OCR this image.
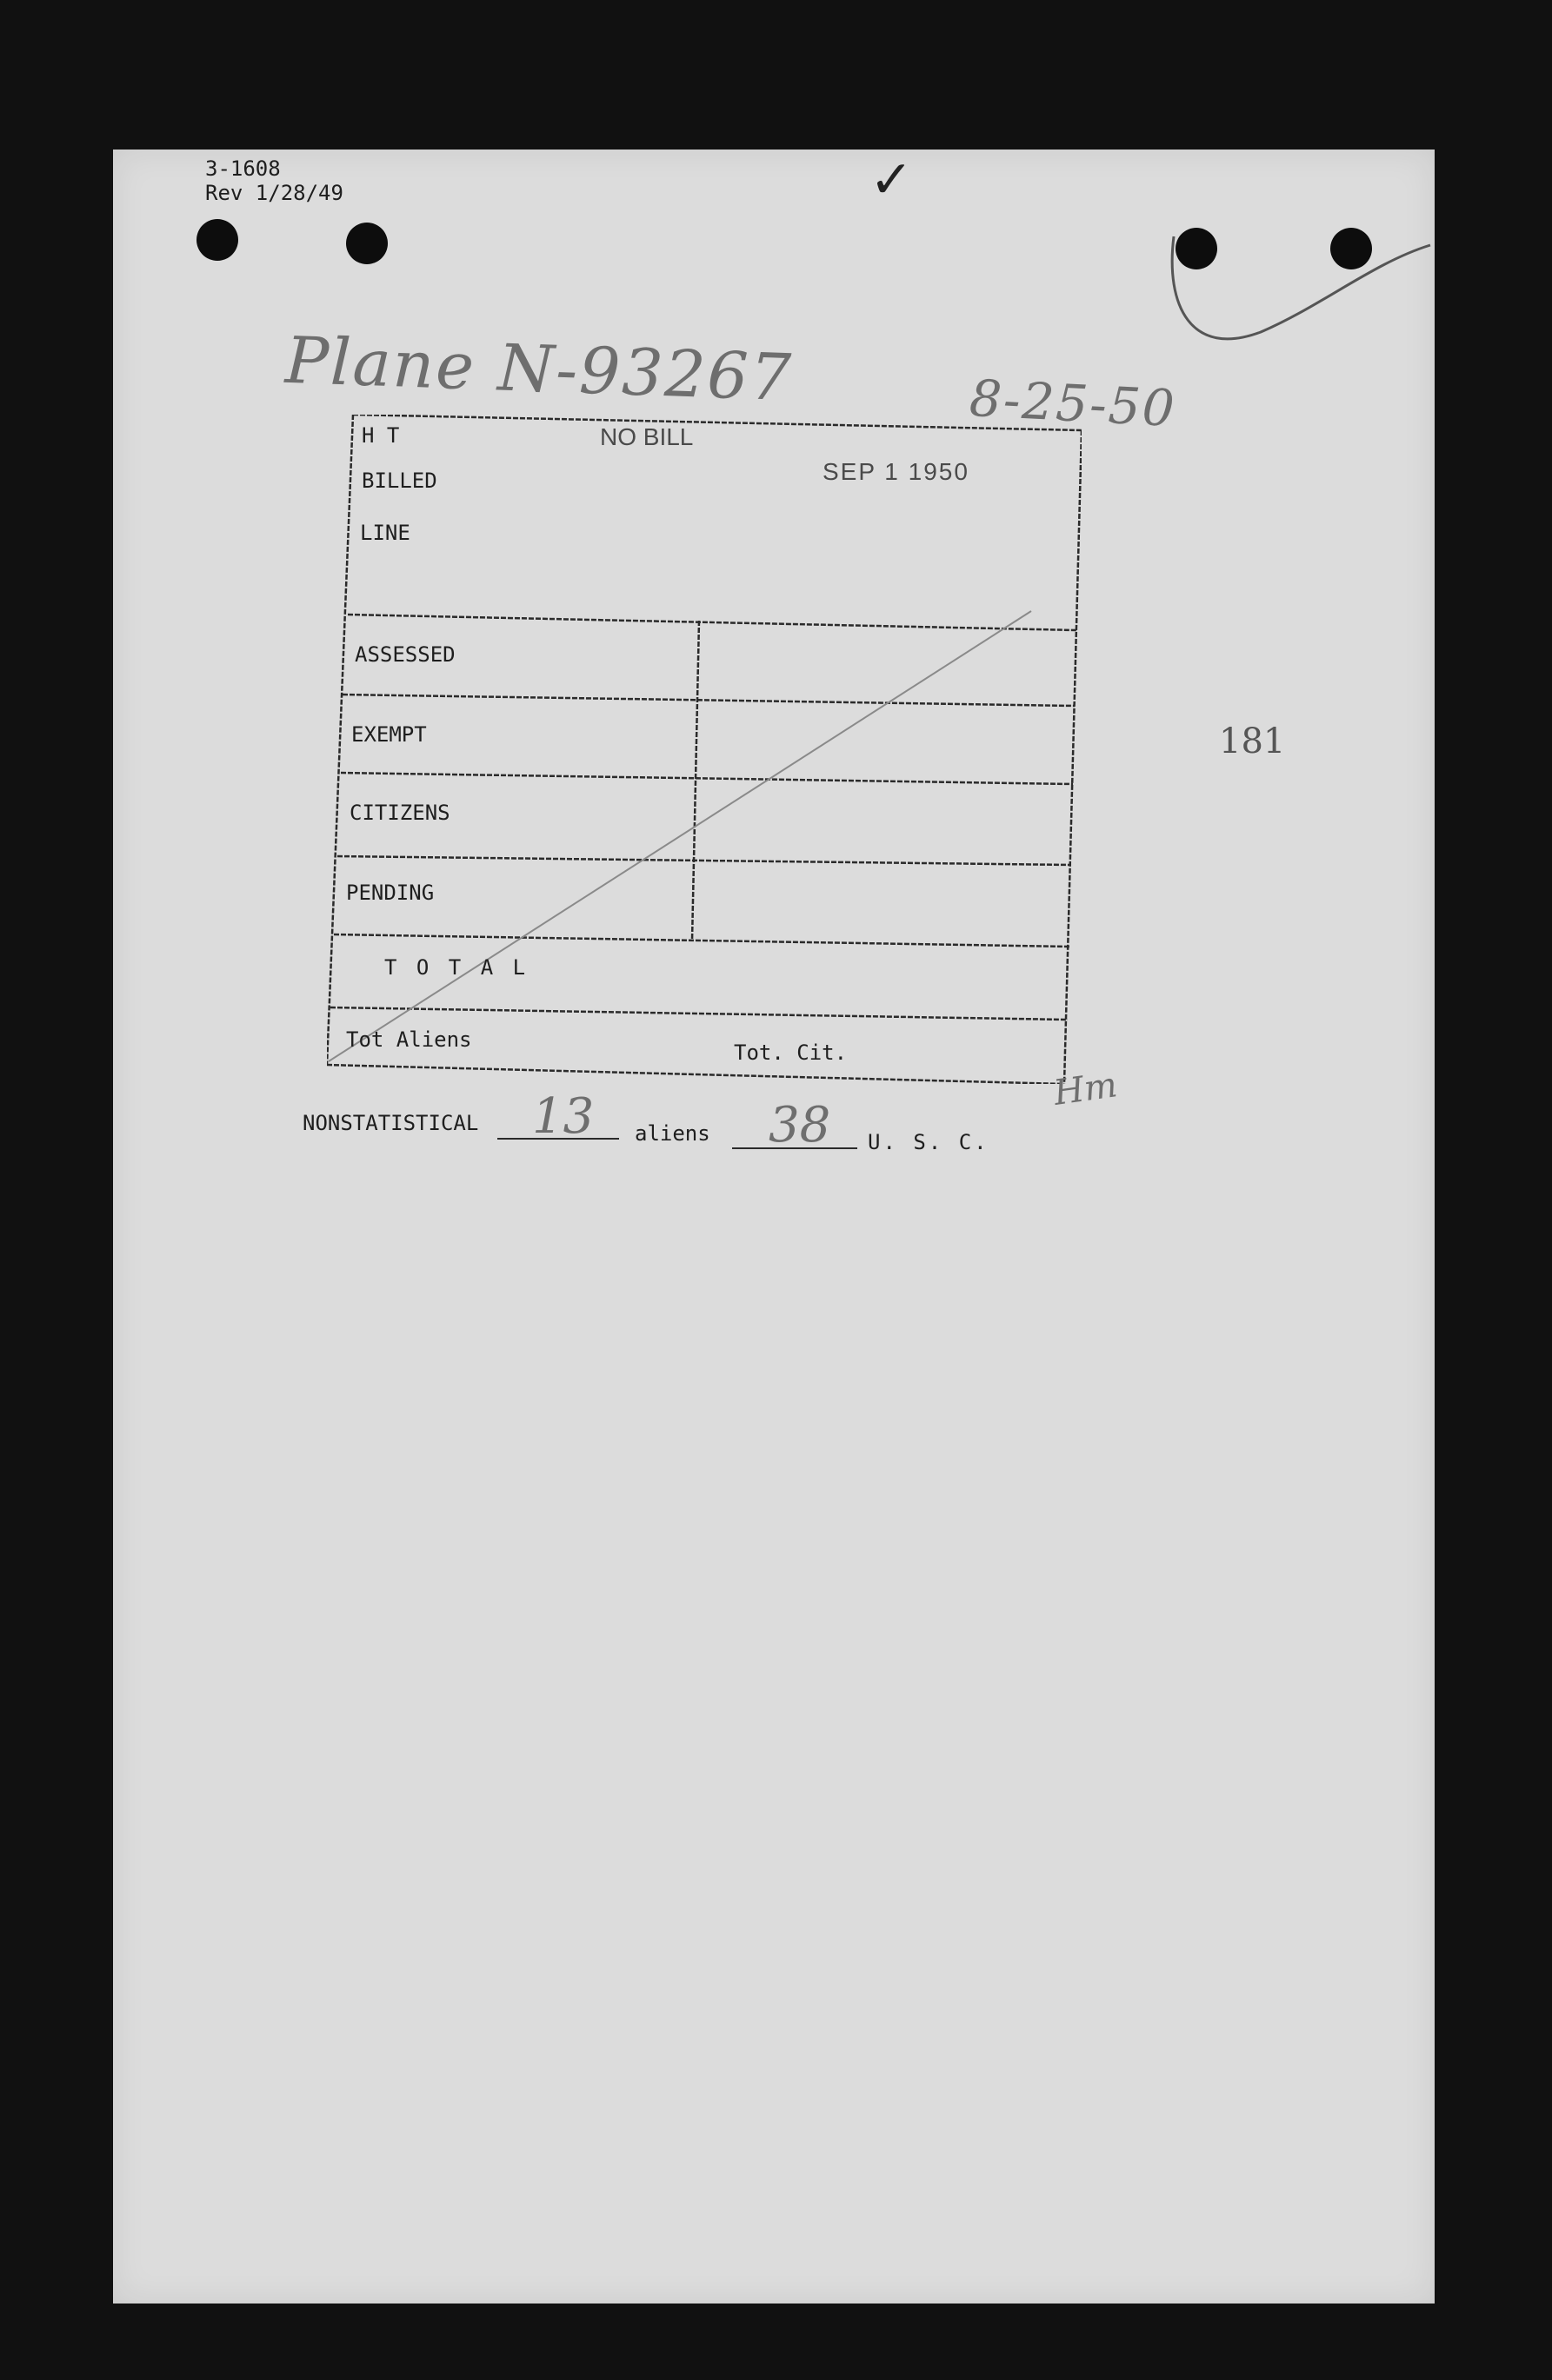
✓
3-1608
Rev 1/28/49
Plane N-93267	8-25-50
181
H T
BILLED
LINE
NO BILL
SEP 1 1950
ASSESSED
EXEMPT
CITIZENS
PENDING
T O T A L
Tot Aliens
Tot. Cit.
Hm
NONSTATISTICAL 13 aliens 38 U. S. C.
